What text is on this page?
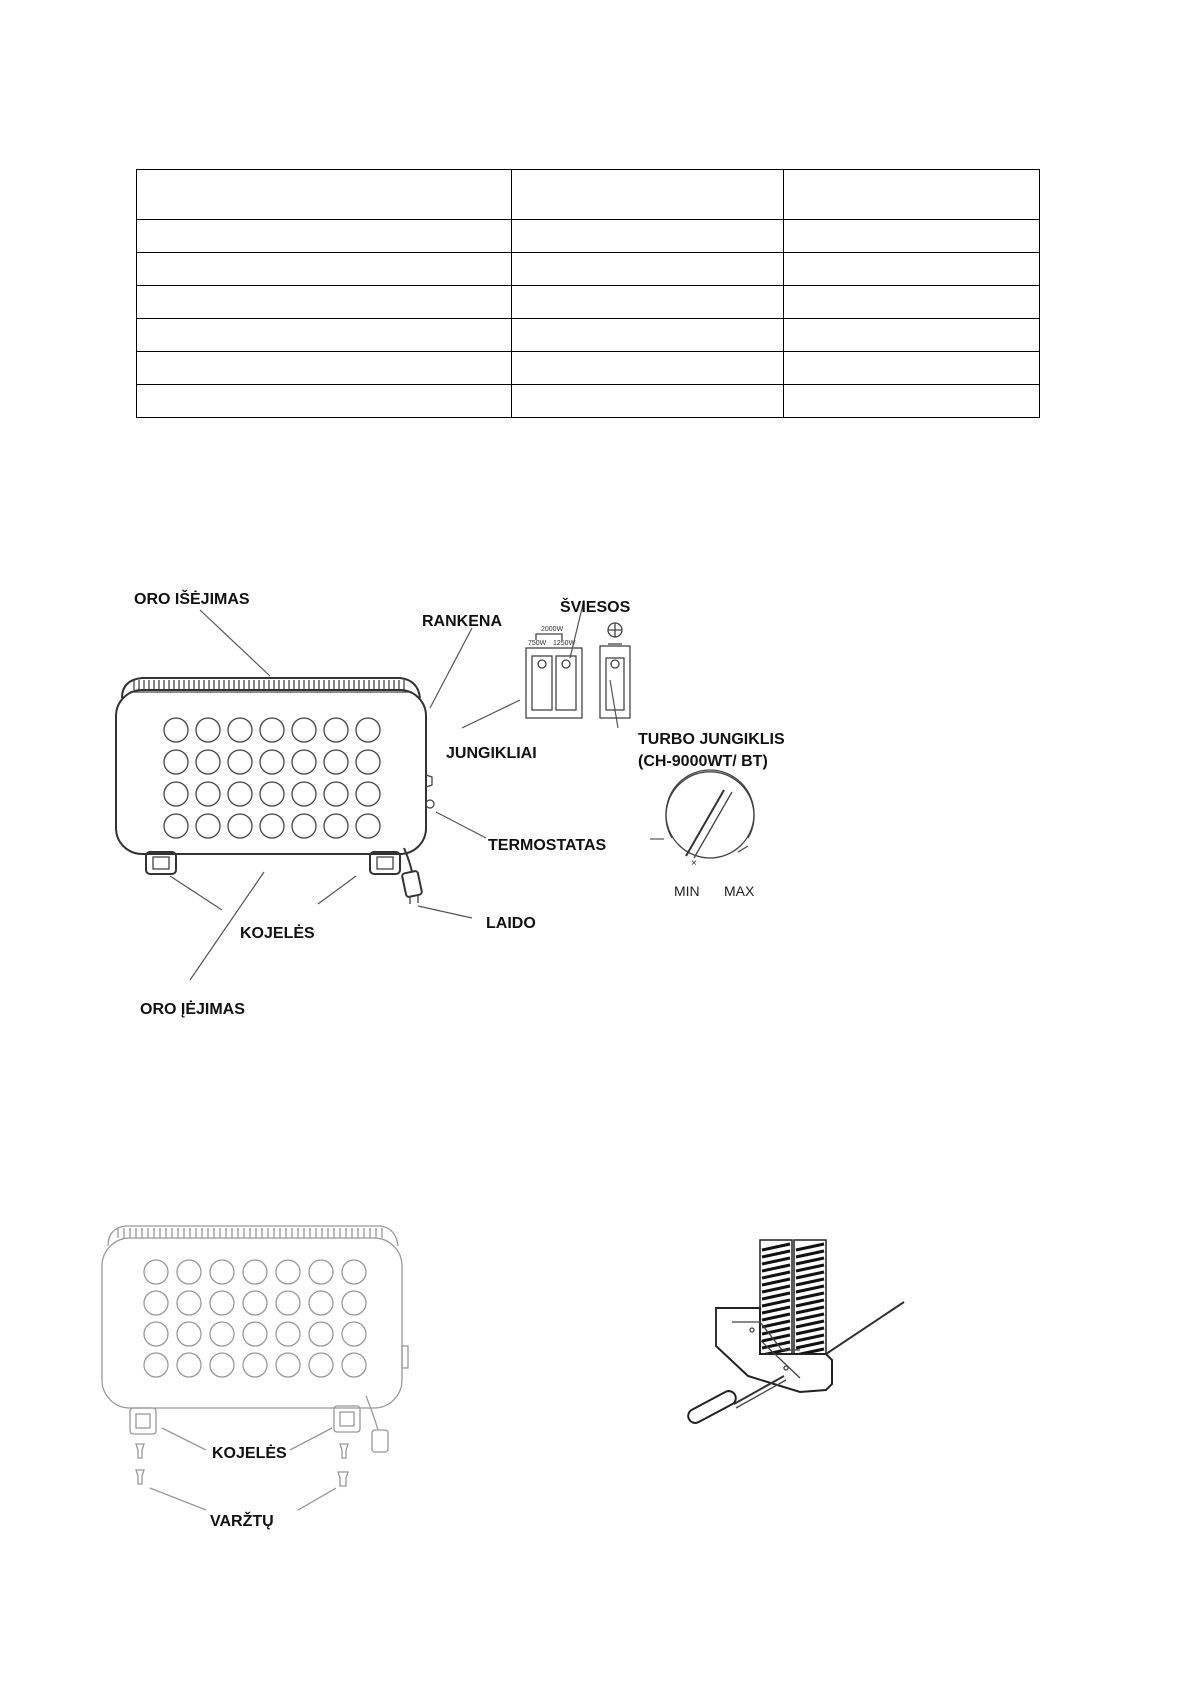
×
ORO IŠĖJIMAS
RANKENA
ŠVIESOS
2000W
750W 1250W
JUNGIKLIAI
TURBO JUNGIKLIS
(CH-9000WT/ BT)
TERMOSTATAS
MIN MAX
KOJELĖS
LAIDO
ORO ĮĖJIMAS
KOJELĖS
VARŽTŲ
